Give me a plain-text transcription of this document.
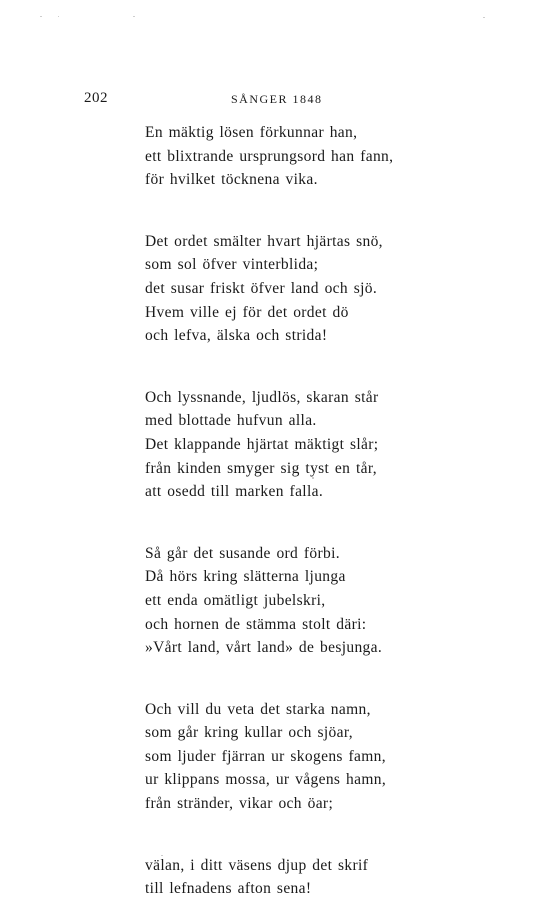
202	SÅNGER 1848
En mäktig lösen förkunnar han,
ett blixtrande ursprungsord han fann,
för hvilket töcknena vika.
Det ordet smälter hvart hjärtas snö,
som sol öfver vinterblida;
det susar friskt öfver land och sjö.
Hvem ville ej för det ordet dö
och lefva, älska och strida!
Och lyssnande, ljudlös, skaran står
med blottade hufvun alla.
Det klappande hjärtat mäktigt slår;
från kinden smyger sig tyst en tår,
att osedd till marken falla.
Så går det susande ord förbi.
Då hörs kring slätterna ljunga
ett enda omätligt jubelskri,
och hornen de stämma stolt däri:
»Vårt land, vårt land» de besjunga.
Och vill du veta det starka namn,
som går kring kullar och sjöar,
som ljuder fjärran ur skogens famn,
ur klippans mossa, ur vågens hamn,
från stränder, vikar och öar;
välan, i ditt väsens djup det skrif
till lefnadens afton sena!
